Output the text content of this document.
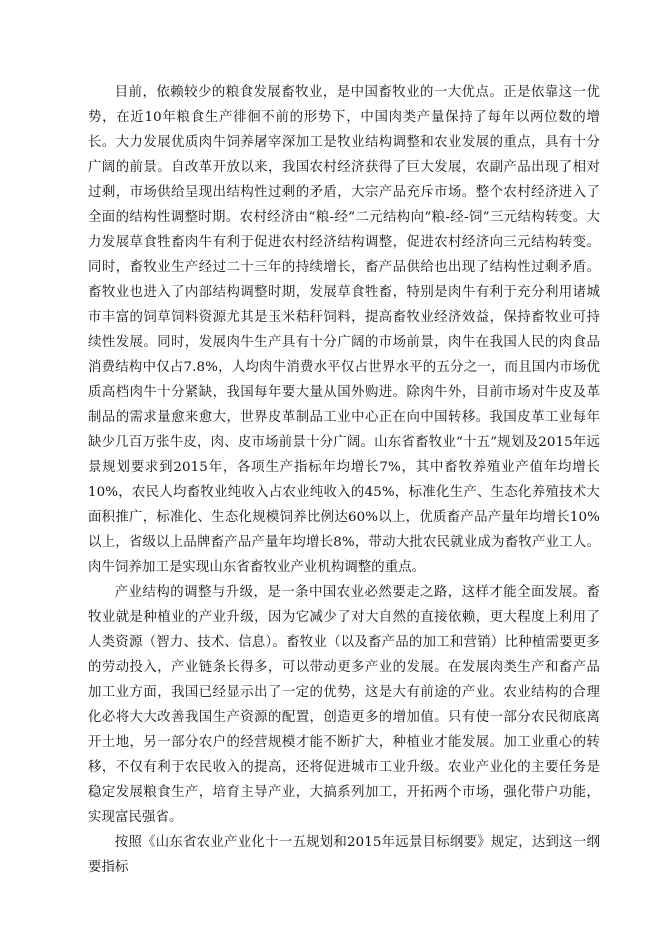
目前，依赖较少的粮食发展畜牧业，是中国畜牧业的一大优点。正是依靠这一优势，在近10年粮食生产徘徊不前的形势下，中国肉类产量保持了每年以两位数的增长。大力发展优质肉牛饲养屠宰深加工是牧业结构调整和农业发展的重点，具有十分广阔的前景。自改革开放以来，我国农村经济获得了巨大发展，农副产品出现了相对过剩，市场供给呈现出结构性过剩的矛盾，大宗产品充斥市场。整个农村经济进入了全面的结构性调整时期。农村经济由“粮-经”二元结构向“粮-经-饲”三元结构转变。大力发展草食牲畜肉牛有利于促进农村经济结构调整，促进农村经济向三元结构转变。同时，畜牧业生产经过二十三年的持续增长，畜产品供给也出现了结构性过剩矛盾。畜牧业也进入了内部结构调整时期，发展草食牲畜，特别是肉牛有利于充分利用诸城市丰富的饲草饲料资源尤其是玉米秸秆饲料，提高畜牧业经济效益，保持畜牧业可持续性发展。同时，发展肉牛生产具有十分广阔的市场前景，肉牛在我国人民的肉食品消费结构中仅占7.8%，人均肉牛消费水平仅占世界水平的五分之一，而且国内市场优质高档肉牛十分紧缺，我国每年要大量从国外购进。除肉牛外，目前市场对牛皮及革制品的需求量愈来愈大，世界皮革制品工业中心正在向中国转移。我国皮革工业每年缺少几百万张牛皮，肉、皮市场前景十分广阔。山东省畜牧业“十五”规划及2015年远景规划要求到2015年，各项生产指标年均增长7%，其中畜牧养殖业产值年均增长10%，农民人均畜牧业纯收入占农业纯收入的45%，标准化生产、生态化养殖技术大面积推广，标准化、生态化规模饲养比例达60%以上，优质畜产品产量年均增长10%以上，省级以上品牌畜产品产量年均增长8%，带动大批农民就业成为畜牧产业工人。肉牛饲养加工是实现山东省畜牧业产业机构调整的重点。

产业结构的调整与升级，是一条中国农业必然要走之路，这样才能全面发展。畜牧业就是种植业的产业升级，因为它减少了对大自然的直接依赖，更大程度上利用了人类资源（智力、技术、信息）。畜牧业（以及畜产品的加工和营销）比种植需要更多的劳动投入，产业链条长得多，可以带动更多产业的发展。在发展肉类生产和畜产品加工业方面，我国已经显示出了一定的优势，这是大有前途的产业。农业结构的合理化必将大大改善我国生产资源的配置，创造更多的增加值。只有使一部分农民彻底离开土地，另一部分农户的经营规模才能不断扩大，种植业才能发展。加工业重心的转移，不仅有利于农民收入的提高，还将促进城市工业升级。农业产业化的主要任务是稳定发展粮食生产，培育主导产业，大搞系列加工，开拓两个市场，强化带户功能，实现富民强省。

按照《山东省农业产业化十一五规划和2015年远景目标纲要》规定，达到这一纲要指标
